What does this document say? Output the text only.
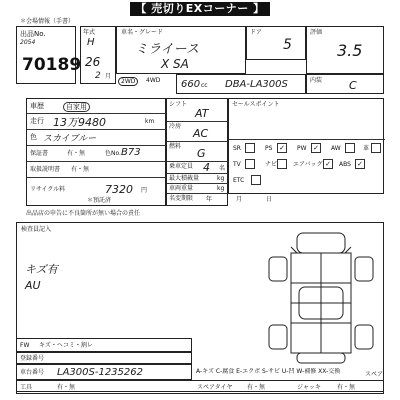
【 売切りEXコーナー 】
＊会場情報（手書）
出品No.
2054
70189
年式
H
26
2 月
車名・グレード
ミライース
X SA
ドア
5
評価
3.5
内装 C
2WD	4WD 660 cc DBA-LA300S
車歴	自家用
走行 13万9480	km
色 スカイブルー
保証書	有・無	色No. B73
取扱説明書 有・無
リサイクル料	7320 円
＊預託済
シフト
AT
冷房
AC
燃料
G
乗車定員 4 名
最大積載量	kg
車両重量	kg
名変期限 年	月	日
セールスポイント
SR	PS ✓	PW ✓	AW	革
TV	ナビ	エアバッグ ✓	ABS ✓
ETC
出品店の申告に不良箇所が無い場合の責任
検査員記入
キズ有
AU
スペア
FW キズ・ヘコミ・割レ
登録番号
車台番号 LA300S-1235262	A-キズ C-腐食 E-エクボ S-サビ U-凹 W-補修 XX-交換
工具	有・無	スペアタイヤ 有・無	ジャッキ	有・無
